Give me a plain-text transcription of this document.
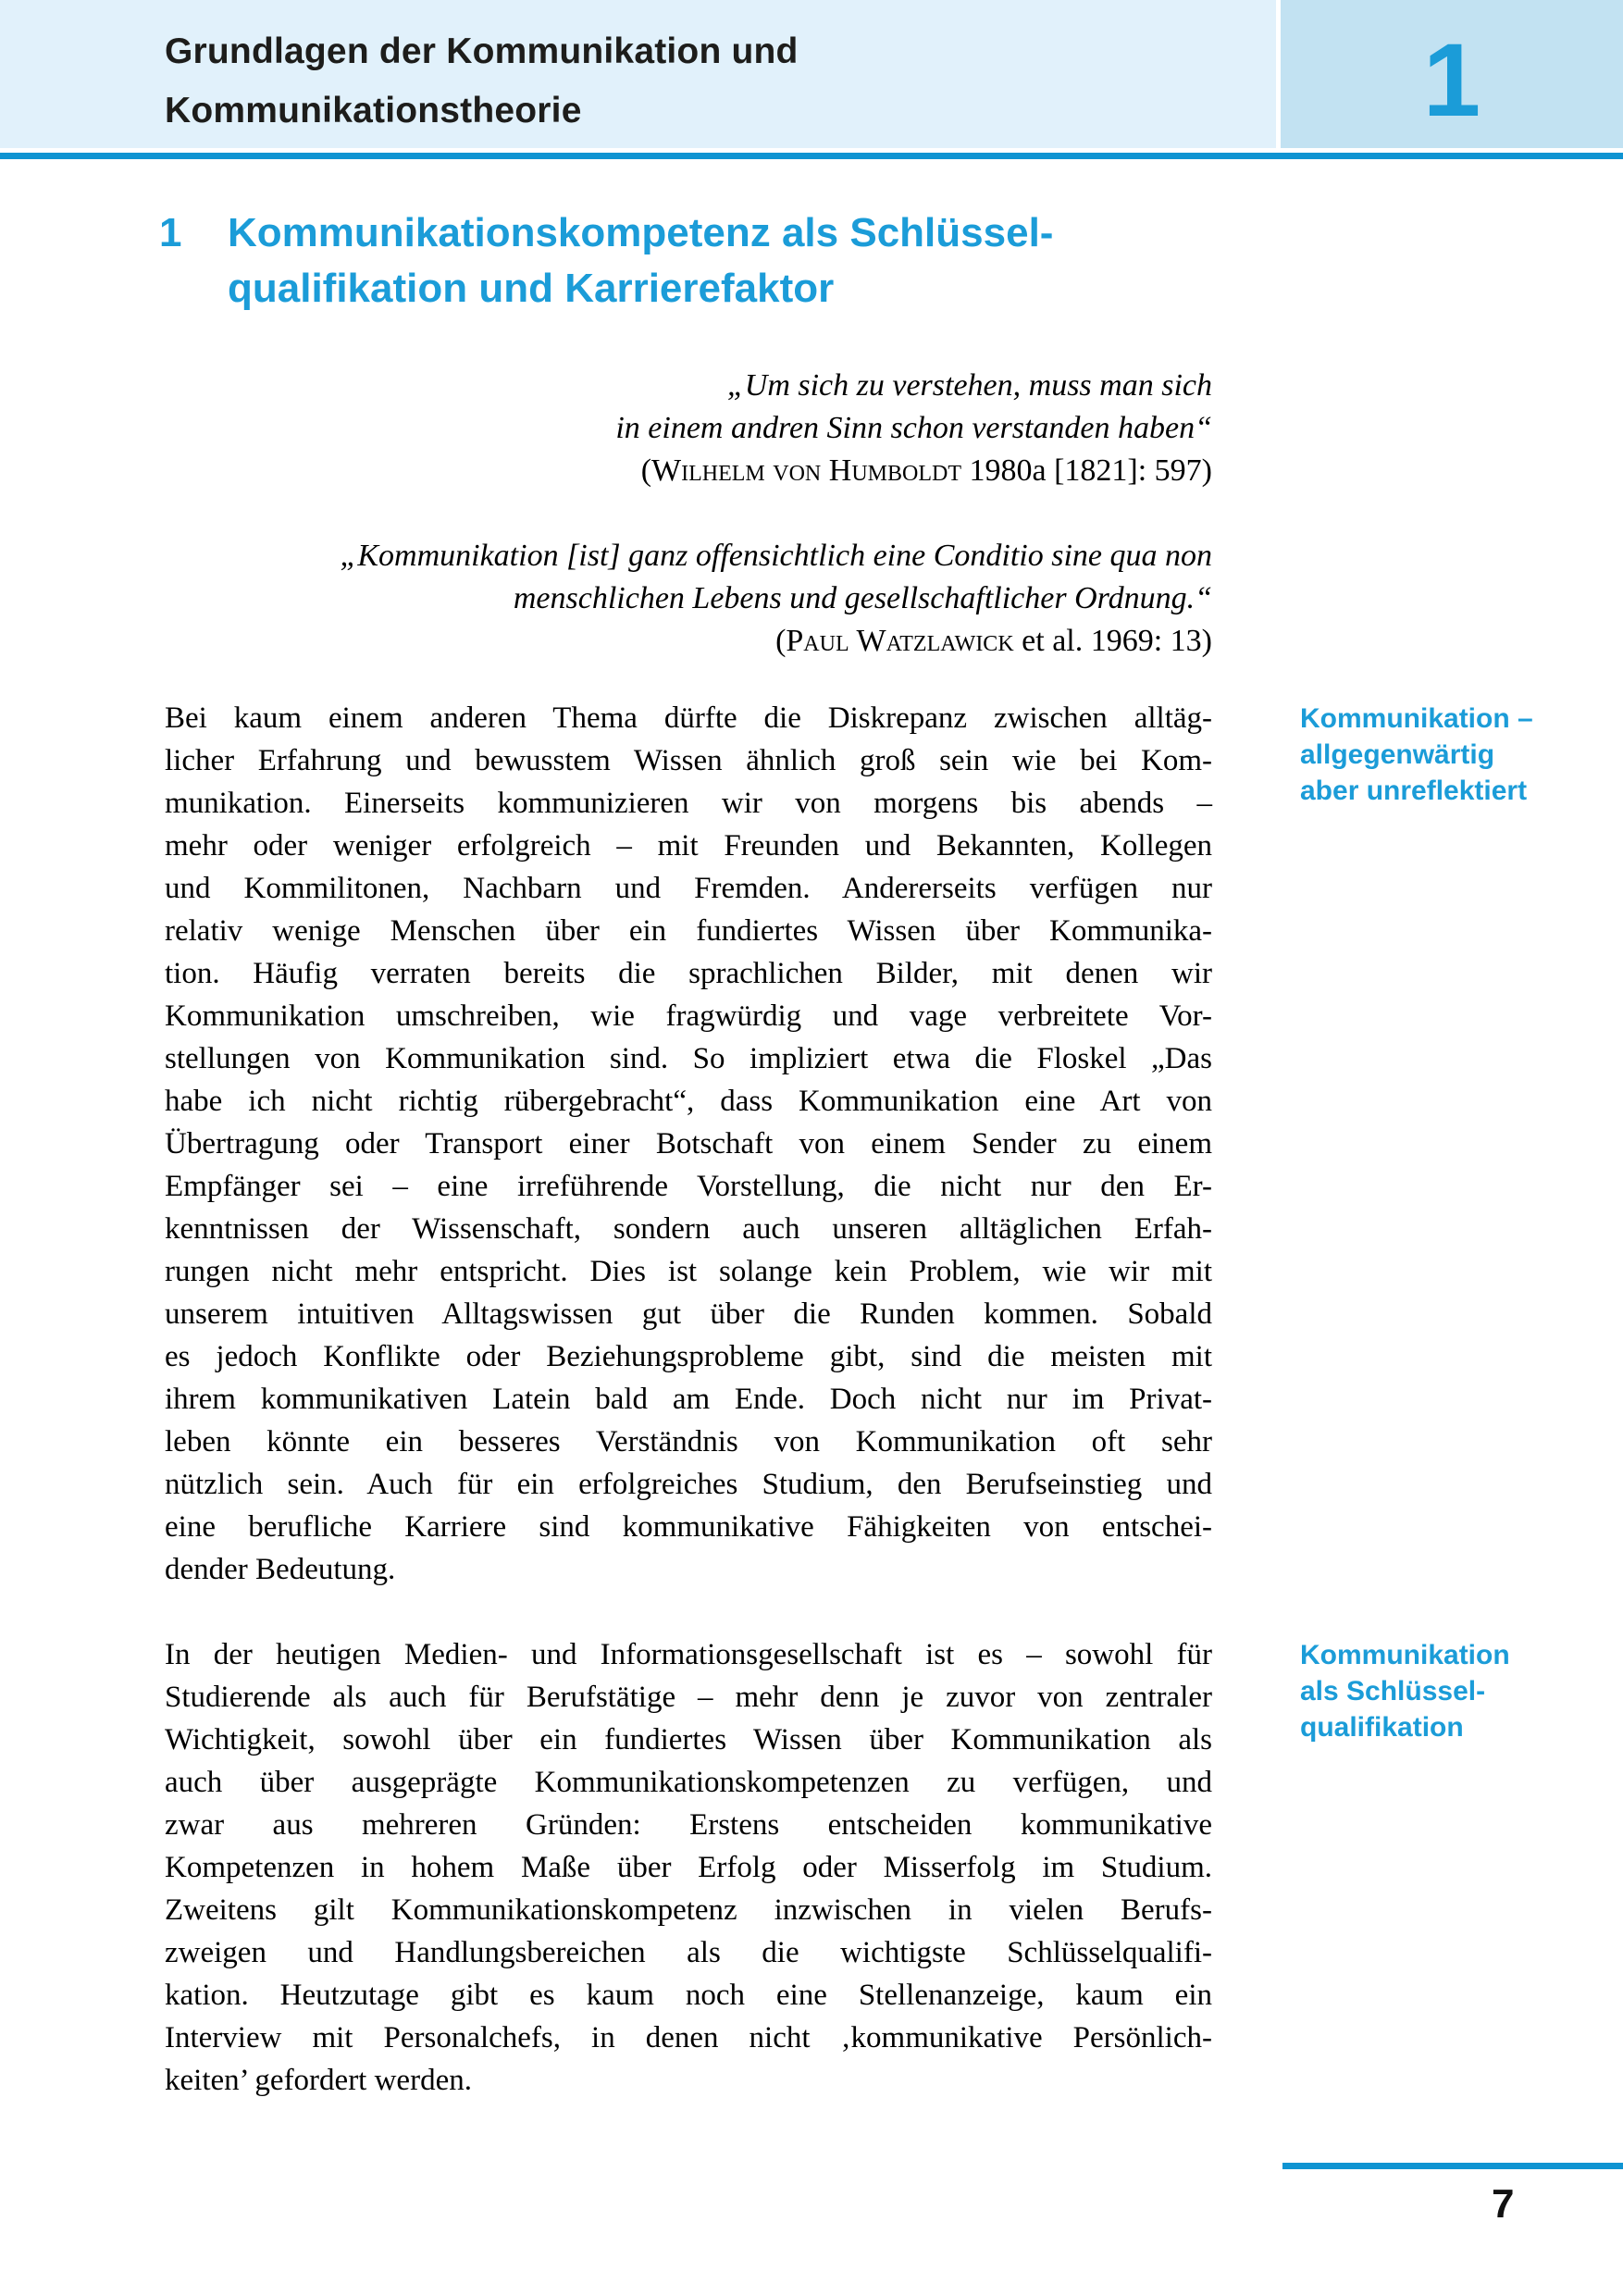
Grundlagen der Kommunikation und
Kommunikationstheorie	1
1 Kommunikationskompetenz als Schlüssel-
qualifikation und Karrierefaktor
„Um sich zu verstehen, muss man sich
in einem andren Sinn schon verstanden haben“
(Wilhelm von Humboldt 1980a [1821]: 597)
„Kommunikation [ist] ganz offensichtlich eine Conditio sine qua non
menschlichen Lebens und gesellschaftlicher Ordnung.“
(Paul Watzlawick et al. 1969: 13)
Bei kaum einem anderen Thema dürfte die Diskrepanz zwischen alltäg-
licher Erfahrung und bewusstem Wissen ähnlich groß sein wie bei Kom-
munikation. Einerseits kommunizieren wir von morgens bis abends –
mehr oder weniger erfolgreich – mit Freunden und Bekannten, Kollegen
und Kommilitonen, Nachbarn und Fremden. Andererseits verfügen nur
relativ wenige Menschen über ein fundiertes Wissen über Kommunika-
tion. Häufig verraten bereits die sprachlichen Bilder, mit denen wir
Kommunikation umschreiben, wie fragwürdig und vage verbreitete Vor-
stellungen von Kommunikation sind. So impliziert etwa die Floskel „Das
habe ich nicht richtig rübergebracht“, dass Kommunikation eine Art von
Übertragung oder Transport einer Botschaft von einem Sender zu einem
Empfänger sei – eine irreführende Vorstellung, die nicht nur den Er-
kenntnissen der Wissenschaft, sondern auch unseren alltäglichen Erfah-
rungen nicht mehr entspricht. Dies ist solange kein Problem, wie wir mit
unserem intuitiven Alltagswissen gut über die Runden kommen. Sobald
es jedoch Konflikte oder Beziehungsprobleme gibt, sind die meisten mit
ihrem kommunikativen Latein bald am Ende. Doch nicht nur im Privat-
leben könnte ein besseres Verständnis von Kommunikation oft sehr
nützlich sein. Auch für ein erfolgreiches Studium, den Berufseinstieg und
eine berufliche Karriere sind kommunikative Fähigkeiten von entschei-
dender Bedeutung.
In der heutigen Medien- und Informationsgesellschaft ist es – sowohl für
Studierende als auch für Berufstätige – mehr denn je zuvor von zentraler
Wichtigkeit, sowohl über ein fundiertes Wissen über Kommunikation als
auch über ausgeprägte Kommunikationskompetenzen zu verfügen, und
zwar aus mehreren Gründen: Erstens entscheiden kommunikative
Kompetenzen in hohem Maße über Erfolg oder Misserfolg im Studium.
Zweitens gilt Kommunikationskompetenz inzwischen in vielen Berufs-
zweigen und Handlungsbereichen als die wichtigste Schlüsselqualifi-
kation. Heutzutage gibt es kaum noch eine Stellenanzeige, kaum ein
Interview mit Personalchefs, in denen nicht ‚kommunikative Persönlich-
keiten’ gefordert werden.
Kommunikation –
allgegenwärtig
aber unreflektiert
Kommunikation
als Schlüssel-
qualifikation
7
